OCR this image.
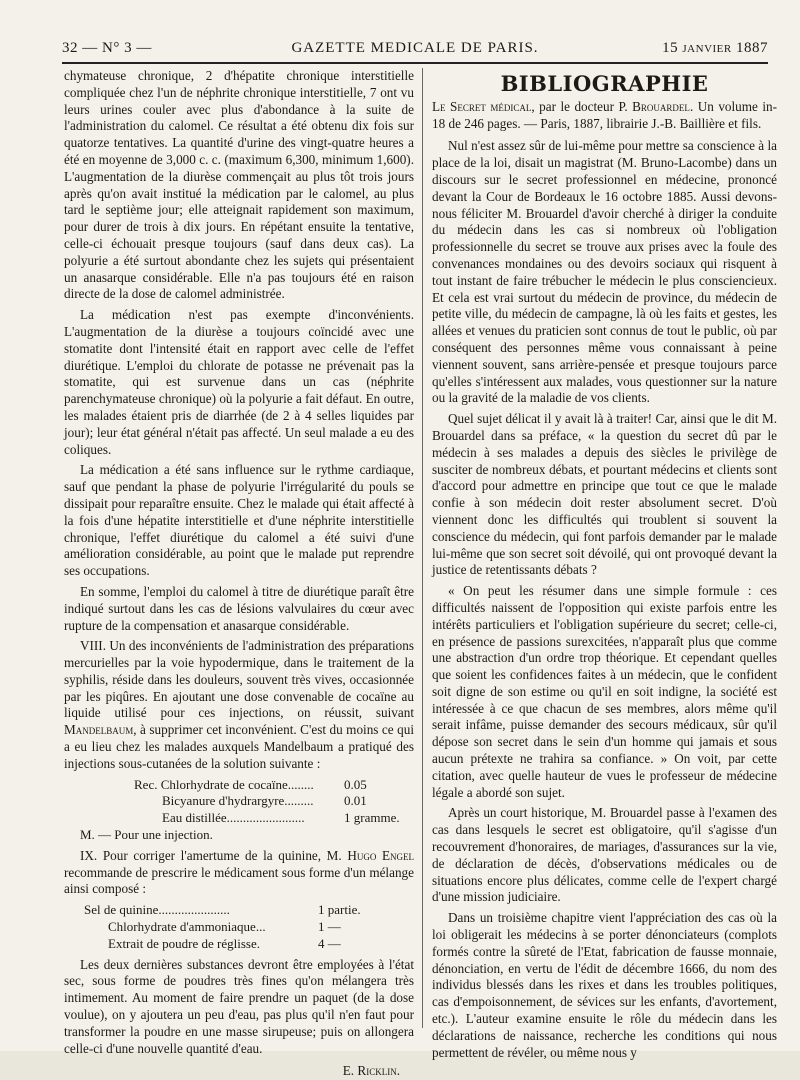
32 — N° 3 —	GAZETTE MEDICALE DE PARIS.	15 JANVIER 1887

chymateuse chronique, 2 d'hépatite chronique interstitielle compliquée chez l'un de néphrite chronique interstitielle, 7 ont vu leurs urines couler avec plus d'abondance à la suite de l'administration du calomel. Ce résultat a été obtenu dix fois sur quatorze tentatives. La quantité d'urine des vingt-quatre heures a été en moyenne de 3,000 c. c. (maximum 6,300, minimum 1,600). L'augmentation de la diurèse commençait au plus tôt trois jours après qu'on avait institué la médication par le calomel, au plus tard le septième jour; elle atteignait rapidement son maximum, pour durer de trois à dix jours. En répétant ensuite la tentative, celle-ci échouait presque toujours (sauf dans deux cas). La polyurie a été surtout abondante chez les sujets qui présentaient un anasarque considérable. Elle n'a pas toujours été en raison directe de la dose de calomel administrée.

La médication n'est pas exempte d'inconvénients. L'augmentation de la diurèse a toujours coïncidé avec une stomatite dont l'intensité était en rapport avec celle de l'effet diurétique. L'emploi du chlorate de potasse ne prévenait pas la stomatite, qui est survenue dans un cas (néphrite parenchymateuse chronique) où la polyurie a fait défaut. En outre, les malades étaient pris de diarrhée (de 2 à 4 selles liquides par jour); leur état général n'était pas affecté. Un seul malade a eu des coliques.

La médication a été sans influence sur le rythme cardiaque, sauf que pendant la phase de polyurie l'irrégularité du pouls se dissipait pour reparaître ensuite. Chez le malade qui était affecté à la fois d'une hépatite interstitielle et d'une néphrite interstitielle chronique, l'effet diurétique du calomel a été suivi d'une amélioration considérable, au point que le malade put reprendre ses occupations.

En somme, l'emploi du calomel à titre de diurétique paraît être indiqué surtout dans les cas de lésions valvulaires du cœur avec rupture de la compensation et anasarque considérable.

VIII. Un des inconvénients de l'administration des préparations mercurielles par la voie hypodermique, dans le traitement de la syphilis, réside dans les douleurs, souvent très vives, occasionnée par les piqûres. En ajoutant une dose convenable de cocaïne au liquide utilisé pour ces injections, on réussit, suivant Mandelbaum, à supprimer cet inconvénient. C'est du moins ce qui a eu lieu chez les malades auxquels Mandelbaum a pratiqué des injections sous-cutanées de la solution suivante :

Rec. Chlorhydrate de cocaïne........	0.05
Bicyanure d'hydrargyre.........	0.01
Eau distillée........................	1 gramme.
M. — Pour une injection.

IX. Pour corriger l'amertume de la quinine, M. Hugo Engel recommande de prescrire le médicament sous forme d'un mélange ainsi composé :

Sel de quinine......................	1 partie.
Chlorhydrate d'ammoniaque...	1 —
Extrait de poudre de réglisse.	4 —

Les deux dernières substances devront être employées à l'état sec, sous forme de poudres très fines qu'on mélangera très intimement. Au moment de faire prendre un paquet (de la dose voulue), on y ajoutera un peu d'eau, pas plus qu'il n'en faut pour transformer la poudre en une masse sirupeuse; puis on allongera celle-ci d'une nouvelle quantité d'eau.

E. Ricklin.
BIBLIOGRAPHIE

Le Secret médical, par le docteur P. Brouardel. Un volume in-18 de 246 pages. — Paris, 1887, librairie J.-B. Baillière et fils.

Nul n'est assez sûr de lui-même pour mettre sa conscience à la place de la loi, disait un magistrat (M. Bruno-Lacombe) dans un discours sur le secret professionnel en médecine, prononcé devant la Cour de Bordeaux le 16 octobre 1885. Aussi devons-nous féliciter M. Brouardel d'avoir cherché à diriger la conduite du médecin dans les cas si nombreux où l'obligation professionnelle du secret se trouve aux prises avec la foule des convenances mondaines ou des devoirs sociaux qui risquent à tout instant de faire trébucher le médecin le plus consciencieux. Et cela est vrai surtout du médecin de province, du médecin de petite ville, du médecin de campagne, là où les faits et gestes, les allées et venues du praticien sont connus de tout le public, où par conséquent des personnes même vous connaissant à peine viennent souvent, sans arrière-pensée et presque toujours parce qu'elles s'intéressent aux malades, vous questionner sur la nature ou la gravité de la maladie de vos clients.

Quel sujet délicat il y avait là à traiter! Car, ainsi que le dit M. Brouardel dans sa préface, « la question du secret dû par le médecin à ses malades a depuis des siècles le privilège de susciter de nombreux débats, et pourtant médecins et clients sont d'accord pour admettre en principe que tout ce que le malade confie à son médecin doit rester absolument secret. D'où viennent donc les difficultés qui troublent si souvent la conscience du médecin, qui font parfois demander par le malade lui-même que son secret soit dévoilé, qui ont provoqué devant la justice de retentissants débats ?

« On peut les résumer dans une simple formule : ces difficultés naissent de l'opposition qui existe parfois entre les intérêts particuliers et l'obligation supérieure du secret; celle-ci, en présence de passions surexcitées, n'apparaît plus que comme une abstraction d'un ordre trop théorique. Et cependant quelles que soient les confidences faites à un médecin, que le confident soit digne de son estime ou qu'il en soit indigne, la société est intéressée à ce que chacun de ses membres, alors même qu'il serait infâme, puisse demander des secours médicaux, sûr qu'il dépose son secret dans le sein d'un homme qui jamais et sous aucun prétexte ne trahira sa confiance. » On voit, par cette citation, avec quelle hauteur de vues le professeur de médecine légale a abordé son sujet.

Après un court historique, M. Brouardel passe à l'examen des cas dans lesquels le secret est obligatoire, qu'il s'agisse d'un recouvrement d'honoraires, de mariages, d'assurances sur la vie, de déclaration de décès, d'observations médicales ou de situations encore plus délicates, comme celle de l'expert chargé d'une mission judiciaire.

Dans un troisième chapitre vient l'appréciation des cas où la loi obligerait les médecins à se porter dénonciateurs (complots formés contre la sûreté de l'Etat, fabrication de fausse monnaie, dénonciation, en vertu de l'édit de décembre 1666, du nom des individus blessés dans les rixes et dans les troubles politiques, cas d'empoisonnement, de sévices sur les enfants, d'avortement, etc.). L'auteur examine ensuite le rôle du médecin dans les déclarations de naissance, recherche les conditions qui nous permettent de révéler, ou même nous y
